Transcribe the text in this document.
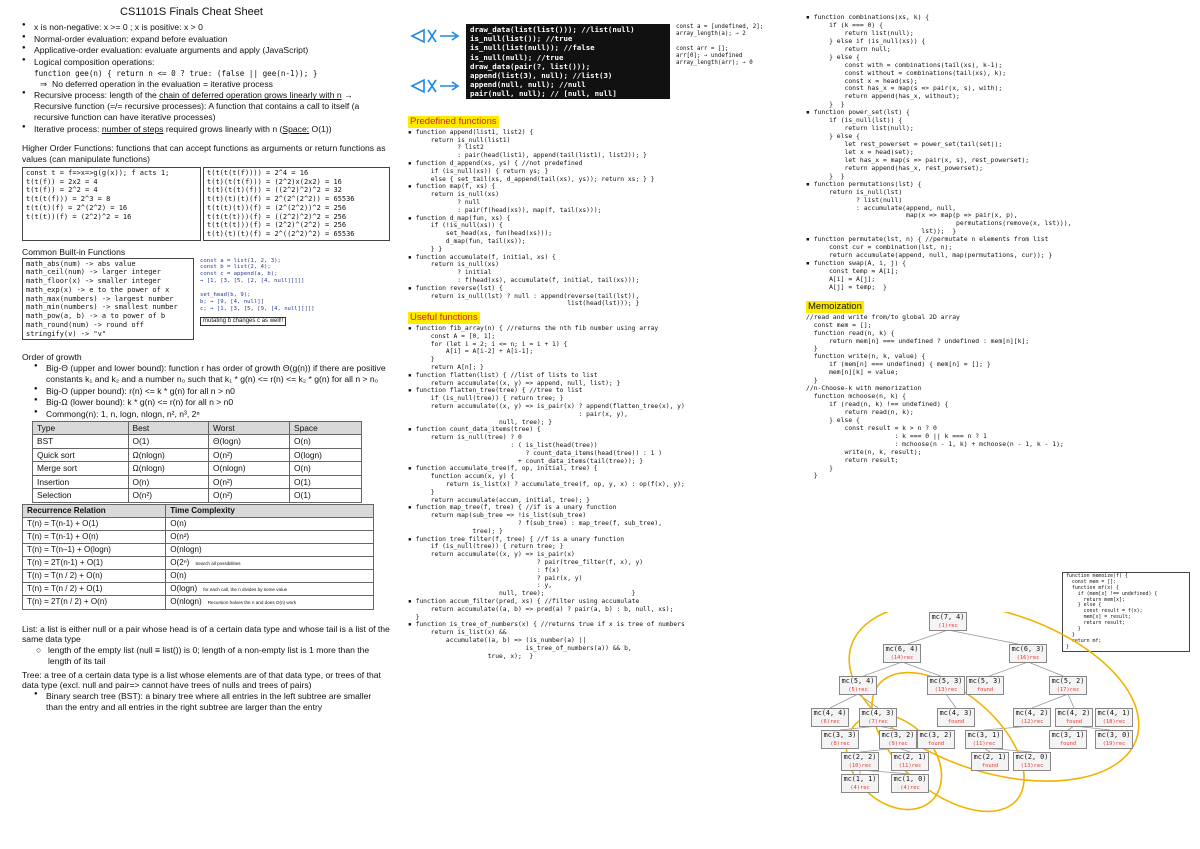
CS1101S Finals Cheat Sheet
● x is non-negative: x >= 0 ; x is positive: x > 0
● Normal-order evaluation: expand before evaluation
● Applicative-order evaluation: evaluate arguments and apply (JavaScript)
● Logical composition operations:
function gee(n) { return n <= 0 ? true: (false || gee(n-1)); }
⇒  No deferred operation in the evaluation = iterative process
● Recursive process: length of the chain of deferred operation grows linearly with n → Recursive function (=/= recursive processes): A function that contains a call to itself (a recursive function can have iterative processes)
● Iterative process: number of steps required grows linearly with n (Space: O(1))
Higher Order Functions: functions that can accept functions as arguments or return functions as values (can manipulate functions)
const t = f=>x=>g(g(x)); f acts 1;
t(t(f)) = 2x2 = 4
t(t(f)) = 2^2 = 4
t(t(t(f))) = 2^3 = 8
t(t(t)(f) = 2^(2^2) = 16
t(t(t))(f) = (2^2)^2 = 16
t(t(t(t(f)))) = 2^4 = 16
t(t)(t(t(f))) = (2^2)x(2x2) = 16
t(t)(t(t)(f)) = ((2^2)^2)^2 = 32
t(t)(t)(t)(f) = 2^(2^(2^2)) = 65536
t(t(t)(t))(f) = (2^(2^2))^2 = 256
t(t(t(t)))(f) = ((2^2)^2)^2 = 256
t(t(t(t)))(f) = (2^2)^(2^2) = 256
t(t)(t)(t)(f) = 2^((2^2)^2) = 65536
Common Built-in Functions
math_abs(num) -> abs value
math_ceil(num) -> larger integer
math_floor(x) -> smaller integer
math_exp(x) -> e to the power of x
math_max(numbers) -> largest number
math_min(numbers) -> smallest number
math_pow(a, b) -> a to power of b
math_round(num) -> round off
stringify(v) -> "v"
const a = list(1, 2, 3);
const b = list(2, 4);
const c = append(a, b);
→ [1, [3, [5, [2, [4, null]]]]]

set_head(b, 9);
b; → [9, [4, null]]
c; → [1, [3, [5, [9, [4, null]]]]]
mutating b changes c as well!!
Order of growth
● Big-Θ (upper and lower bound): function r has order of growth Θ(g(n)) if there are positive constants k₁ and k₂ and a number n₀ such that k₁ * g(n) <= r(n) <= k₂ * g(n) for all n > n₀
● Big-O (upper bound): r(n) <= k * g(n) for all n > n0
● Big-Ω (lower bound): k * g(n) <= r(n) for all n > n0
● Commong(n): 1, n, logn, nlogn, n², n³, 2ⁿ
Type	Best	Worst	Space
BST	O(1)	Θ(logn)	O(n)
Quick sort	Ω(nlogn)	O(n²)	O(logn)
Merge sort	Ω(nlogn)	O(nlogn)	O(n)
Insertion	O(n)	O(n²)	O(1)
Selection	O(n²)	O(n²)	O(1)
Recurrence Relation	Time Complexity
T(n) = T(n-1) + O(1)	O(n)
T(n) = T(n-1) + O(n)	O(n²)
T(n) = T(n–1) + O(logn)	O(nlogn)
T(n) = 2T(n-1) + O(1)	O(2ⁿ) Search all possibilities
T(n) = T(n / 2) + O(n)	O(n)
T(n) = T(n / 2) + O(1)	O(logn) for each call, the n divides by some value
T(n) = 2T(n / 2) + O(n)	O(nlogn) Recursion halves the n and does O(n) work
List: a list is either null or a pair whose head is of a certain data type and whose tail is a list of the same data type
○ length of the empty list (null ≡ list()) is 0; length of a non-empty list is 1 more than the length of its tail
Tree: a tree of a certain data type is a list whose elements are of that data type, or trees of that data type (excl. null and pair=> cannot have trees of nulls and trees of pairs)
● Binary search tree (BST): a binary tree where all entries in the left subtree are smaller than the entry and all entries in the right subtree are larger than the entry
draw_data(list(list())); //list(null)
is_null(list()); //true
is_null(list(null)); //false
is_null(null); //true
draw_data(pair(?, list()));
append(list(3), null); //list(3)
append(null, null); //null
pair(null, null); // [null, null]
const a = [undefined, 2];
array_length(a); → 2

const arr = [];
arr[0]; → undefined
array_length(arr); → 0
Predefined functions
▪ function append(list1, list2) {
return is_null(list1)
? list2
: pair(head(list1), append(tail(list1), list2)); }
▪ function d_append(xs, ys) { //not predefined
if (is_null(xs)) { return ys; }
else { set_tail(xs, d_append(tail(xs), ys)); return xs; } }
▪ function map(f, xs) {
return is_null(xs)
? null
: pair(f(head(xs)), map(f, tail(xs)));
▪ function d_map(fun, xs) {
if (!is_null(xs)) {
set_head(xs, fun(head(xs)));
d_map(fun, tail(xs));
} }
▪ function accumulate(f, initial, xs) {
return is_null(xs)
? initial
: f(head(xs), accumulate(f, initial, tail(xs)));
▪ function reverse(lst) {
return is_null(lst) ? null : append(reverse(tail(lst)),
list(head(lst))); }
Useful functions
▪ function fib_array(n) { //returns the nth fib number using array
const A = [0, 1];
for (let i = 2; i <= n; i = i + 1) {
A[i] = A[i-2] + A[i-1];
}
return A[n]; }
▪ function flatten(list) { //list of lists to list
return accumulate((x, y) => append, null, list); }
▪ function flatten_tree(tree) { //tree to list
if (is_null(tree)) { return tree; }
return accumulate((x, y) => is_pair(x) ? append(flatten_tree(x), y)
: pair(x, y),
null, tree); }
▪ function count_data_items(tree) {
return is_null(tree) ? 0
: ( is_list(head(tree))
? count_data_items(head(tree)) : 1 )
+ count_data_items(tail(tree)); }
▪ function accumulate_tree(f, op, initial, tree) {
function accum(x, y) {
return is_list(x) ? accumulate_tree(f, op, y, x) : op(f(x), y);
}
return accumulate(accum, initial, tree); }
▪ function map_tree(f, tree) { //if is a unary function
return map(sub_tree => !is_list(sub_tree)
? f(sub_tree) : map_tree(f, sub_tree),
tree); }
▪ function tree_filter(f, tree) { //f is a unary function
if (is_null(tree)) { return tree; }
return accumulate((x, y) => is_pair(x)
? pair(tree_filter(f, x), y)
: f(x)
? pair(x, y)
: y,
null, tree);                       }
▪ function accum_filter(pred, xs) { //filter using accumulate
return accumulate((a, b) => pred(a) ? pair(a, b) : b, null, xs);
}
▪ function is_tree_of_numbers(x) { //returns true if x is tree of numbers
return is_list(x) &&
accumulate((a, b) => (is_number(a) ||
is_tree_of_numbers(a)) && b,
true, x);  }
▪ function combinations(xs, k) {
if (k === 0) {
return list(null);
} else if (is_null(xs)) {
return null;
} else {
const with = combinations(tail(xs), k-1);
const without = combinations(tail(xs), k);
const x = head(xs);
const has_x = map(s => pair(x, s), with);
return append(has_x, without);
}  }
▪ function power_set(lst) {
if (is_null(lst)) {
return list(null);
} else {
let rest_powerset = power_set(tail(set));
let x = head(set);
let has_x = map(s => pair(x, s), rest_powerset);
return append(has_x, rest_powerset);
}  }
▪ function permutations(lst) {
return is_null(lst)
? list(null)
: accumulate(append, null,
map(x => map(p => pair(x, p),
permutations(remove(x, lst))),
lst));  }
▪ function permutate(lst, n) { //permutate n elements from list
const cur = combination(lst, n);
return accumulate(append, null, map(permutations, cur)); }
▪ function swap(A, i, j) {
const temp = A[i];
A[i] = A[j];
A[j] = temp;  }
Memoization
//read and write from/to global 2D array
const mem = [];
function read(n, k) {
return mem[n] === undefined ? undefined : mem[n][k];
}
function write(n, k, value) {
if (mem[n] === undefined) { mem[n] = []; }
mem[n][k] = value;
}
//n-Choose-k with memorization
function mchoose(n, k) {
if (read(n, k) !== undefined) {
return read(n, k);
} else {
const result = k > n ? 0
: k === 0 || k === n ? 1
: mchoose(n - 1, k) + mchoose(n - 1, k - 1);
write(n, k, result);
return result;
}
}
function memoize(f) {
const mem = [];
function mf(x) {
if (mem[x] !== undefined) {
return mem[x];
} else {
const result = f(x);
mem[x] = result;
return result;
}
}
return mf;
}
mc(7, 4)
(1)rec
mc(6, 4)
(14)rec
mc(6, 3)
(16)rec
mc(5, 4)
(5)rec
mc(5, 3)
(13)rec
mc(5, 3)
found
mc(5, 2)
(17)rec
mc(4, 4)
(6)rec
mc(4, 3)
(7)rec
mc(4, 3)
found
mc(4, 2)
(12)rec
mc(4, 2)
found
mc(4, 1)
(18)rec
mc(3, 3)
(8)rec
mc(3, 2)
(9)rec
mc(3, 2)
found
mc(3, 1)
(11)rec
mc(3, 1)
found
mc(3, 0)
(19)rec
mc(2, 2)
(10)rec
mc(2, 1)
(11)rec
mc(2, 1)
found
mc(2, 0)
(13)rec
mc(1, 1)
(4)rec
mc(1, 0)
(4)rec
